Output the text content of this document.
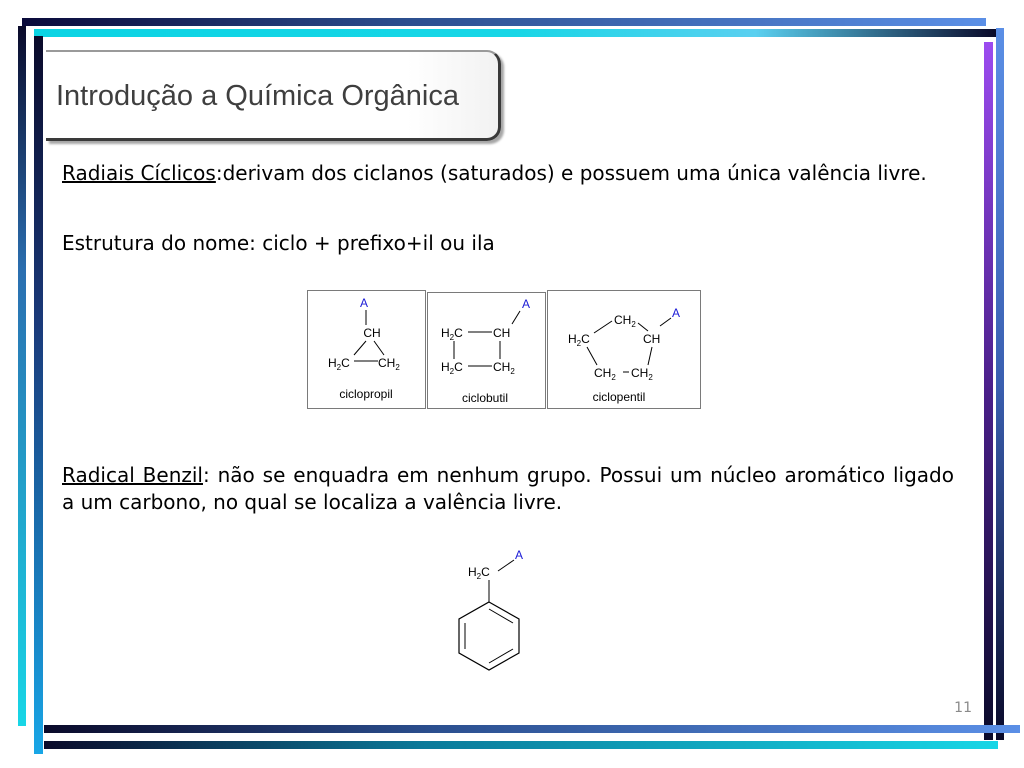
Introdução a Química Orgânica
Radiais Cíclicos:derivam dos ciclanos (saturados) e possuem uma única valência livre.
Estrutura do nome: ciclo + prefixo+il ou ila
A
CH
$H_2C$ $CH_2$
ciclopropil
A
$H_2C$	CH
$H_2C$	$CH_2$
ciclobutil
A
$CH_2$
$H_2C$	CH
$CH_2$ $CH_2$
ciclopentil
Radical Benzil: não se enquadra em nenhum grupo. Possui um núcleo aromático ligado a um carbono, no qual se localiza a valência livre.
A
$H_2C$
11
